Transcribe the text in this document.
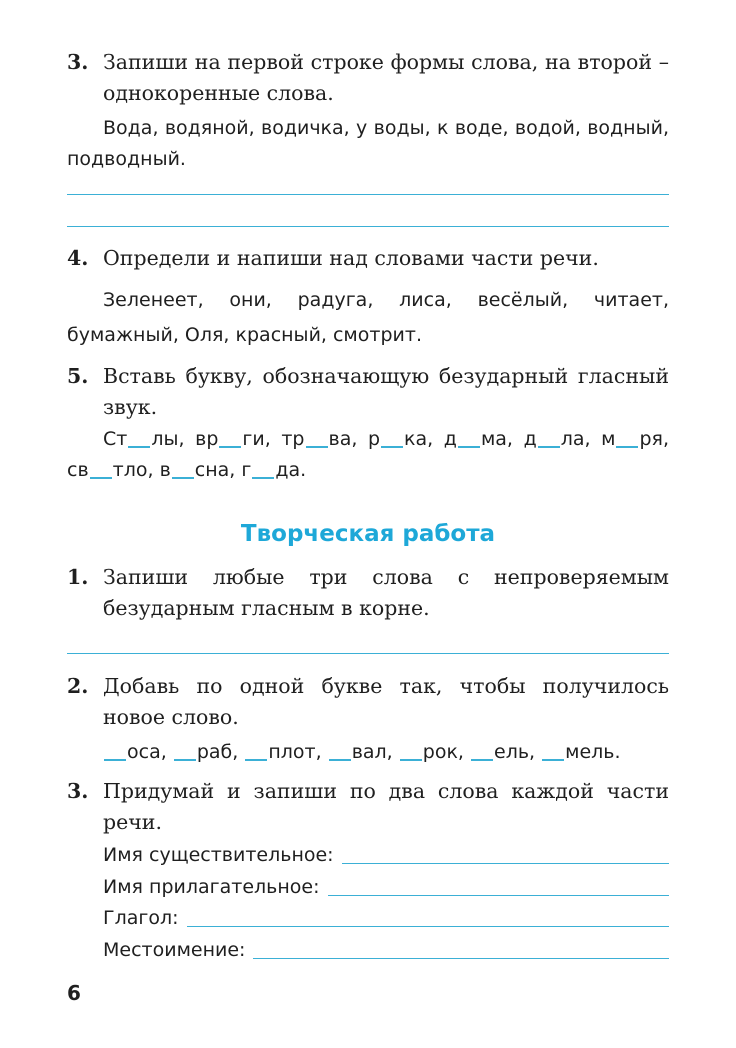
3. Запиши на первой строке формы слова, на второй – однокоренные слова.
Вода, водяной, водичка, у воды, к воде, водой, водный, подводный.
4. Определи и напиши над словами части речи.
Зеленеет, они, радуга, лиса, весёлый, читает, бумажный, Оля, красный, смотрит.
5. Вставь букву, обозначающую безударный гласный звук.
Ст лы, вр ги, тр ва, р ка, д ма, д ла, м ря, св тло, в сна, г да.
Творческая работа
1. Запиши любые три слова с непроверяемым безударным гласным в корне.
2. Добавь по одной букве так, чтобы получилось новое слово.
оса, раб, плот, вал, рок, ель, мель.
3. Придумай и запиши по два слова каждой части речи.
Имя существительное:
Имя прилагательное:
Глагол:
Местоимение:
6
